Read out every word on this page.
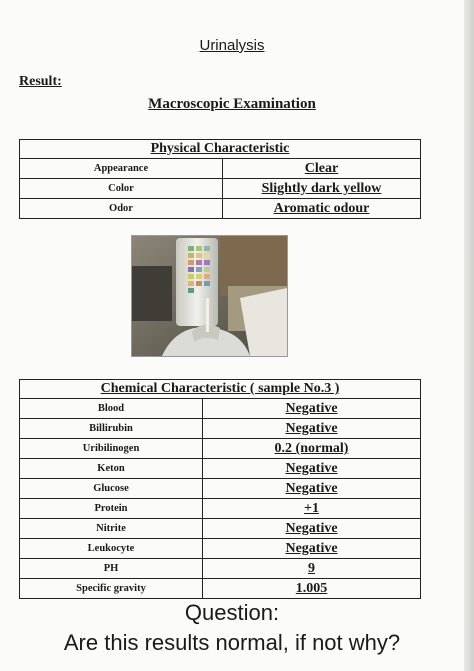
Urinalysis
Result:
Macroscopic Examination
Physical Characteristic	
Appearance	Clear
Color	Slightly dark yellow
Odor	Aromatic odour
Chemical Characteristic ( sample No.3 )	
Blood	Negative
Billirubin	Negative
Uribilinogen	0.2 (normal)
Keton	Negative
Glucose	Negative
Protein	+1
Nitrite	Negative
Leukocyte	Negative
PH	9
Specific gravity	1.005
Question:
Are this results normal, if not why?
